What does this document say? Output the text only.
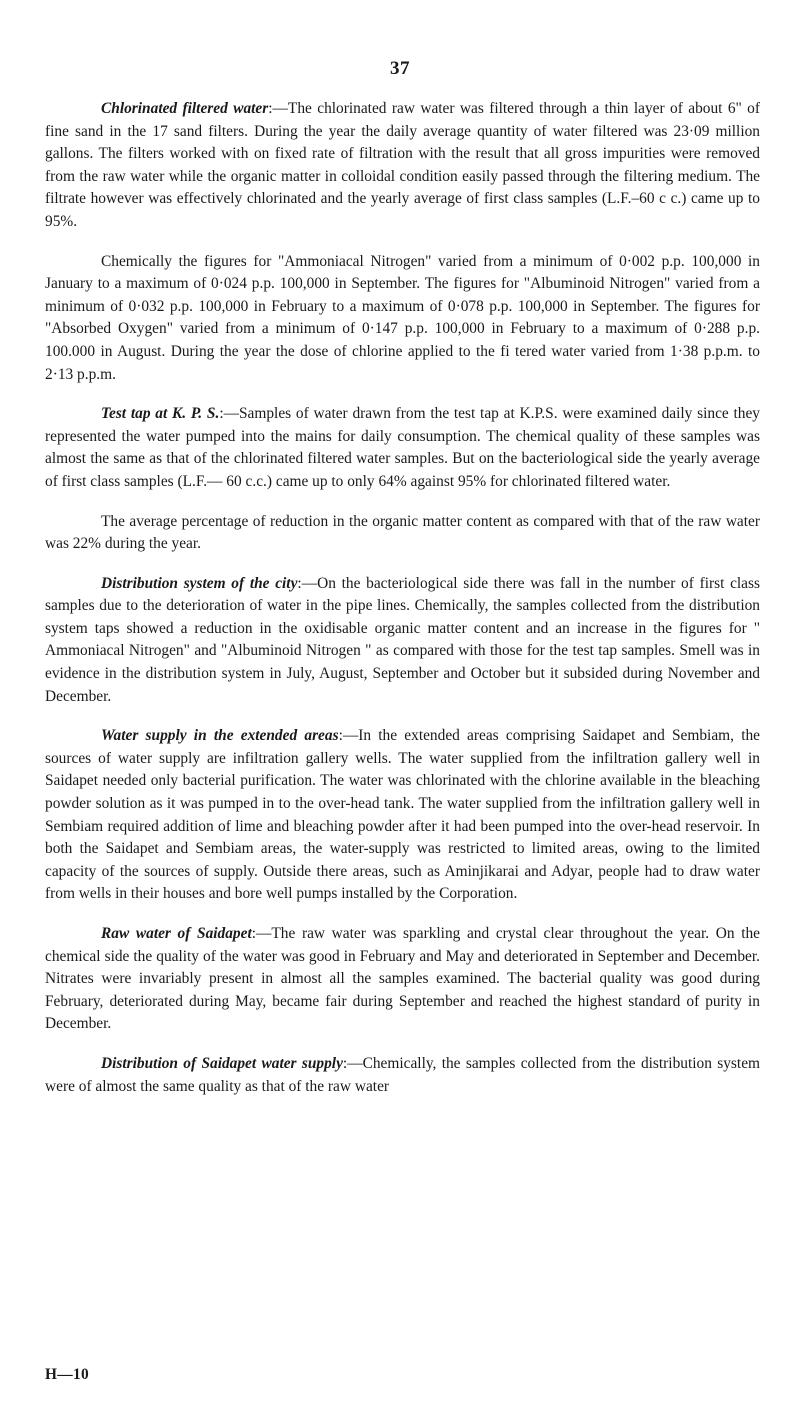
37

Chlorinated filtered water:—The chlorinated raw water was filtered through a thin layer of about 6" of fine sand in the 17 sand filters. During the year the daily average quantity of water filtered was 23·09 million gallons. The filters worked with on fixed rate of filtration with the result that all gross impurities were removed from the raw water while the organic matter in colloidal condition easily passed through the filtering medium. The filtrate however was effectively chlorinated and the yearly average of first class samples (L.F.–60 c c.) came up to 95%.

Chemically the figures for "Ammoniacal Nitrogen" varied from a minimum of 0·002 p.p. 100,000 in January to a maximum of 0·024 p.p. 100,000 in September. The figures for "Albuminoid Nitrogen" varied from a minimum of 0·032 p.p. 100,000 in February to a maximum of 0·078 p.p. 100,000 in September. The figures for "Absorbed Oxygen" varied from a minimum of 0·147 p.p. 100,000 in February to a maximum of 0·288 p.p. 100.000 in August. During the year the dose of chlorine applied to the fi tered water varied from 1·38 p.p.m. to 2·13 p.p.m.

Test tap at K. P. S.:—Samples of water drawn from the test tap at K.P.S. were examined daily since they represented the water pumped into the mains for daily consumption. The chemical quality of these samples was almost the same as that of the chlorinated filtered water samples. But on the bacteriological side the yearly average of first class samples (L.F.— 60 c.c.) came up to only 64% against 95% for chlorinated filtered water.

The average percentage of reduction in the organic matter content as compared with that of the raw water was 22% during the year.

Distribution system of the city:—On the bacteriological side there was fall in the number of first class samples due to the deterioration of water in the pipe lines. Chemically, the samples collected from the distribution system taps showed a reduction in the oxidisable organic matter content and an increase in the figures for " Ammoniacal Nitrogen" and "Albuminoid Nitrogen " as compared with those for the test tap samples. Smell was in evidence in the distribution system in July, August, September and October but it subsided during November and December.

Water supply in the extended areas:—In the extended areas comprising Saidapet and Sembiam, the sources of water supply are infiltration gallery wells. The water supplied from the infiltration gallery well in Saidapet needed only bacterial purification. The water was chlorinated with the chlorine available in the bleaching powder solution as it was pumped in to the over-head tank. The water supplied from the infiltration gallery well in Sembiam required addition of lime and bleaching powder after it had been pumped into the over-head reservoir. In both the Saidapet and Sembiam areas, the water-supply was restricted to limited areas, owing to the limited capacity of the sources of supply. Outside there areas, such as Aminjikarai and Adyar, people had to draw water from wells in their houses and bore well pumps installed by the Corporation.

Raw water of Saidapet:—The raw water was sparkling and crystal clear throughout the year. On the chemical side the quality of the water was good in February and May and deteriorated in September and December. Nitrates were invariably present in almost all the samples examined. The bacterial quality was good during February, deteriorated during May, became fair during September and reached the highest standard of purity in December.

Distribution of Saidapet water supply:—Chemically, the samples collected from the distribution system were of almost the same quality as that of the raw water

H—10
